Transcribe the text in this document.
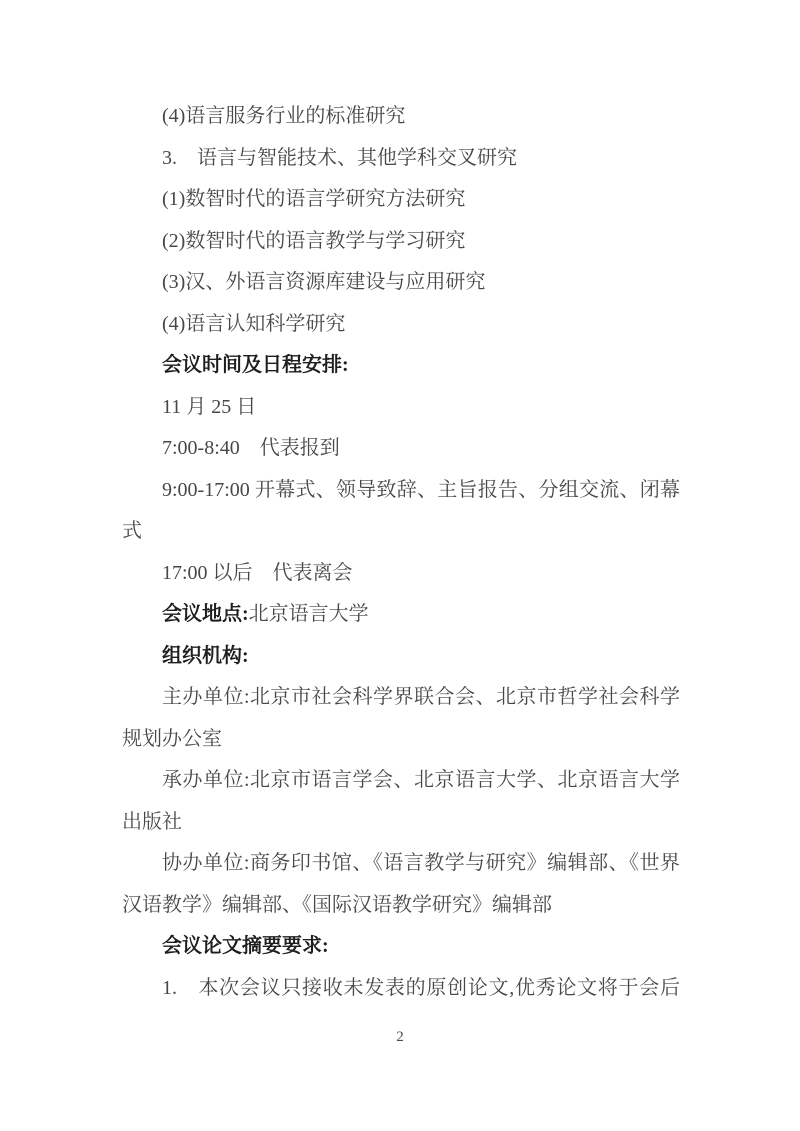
(4)语言服务行业的标准研究
3.　语言与智能技术、其他学科交叉研究
(1)数智时代的语言学研究方法研究
(2)数智时代的语言教学与学习研究
(3)汉、外语言资源库建设与应用研究
(4)语言认知科学研究
会议时间及日程安排:
11 月 25 日
7:00-8:40　代表报到
9:00-17:00 开幕式、领导致辞、主旨报告、分组交流、闭幕
式
17:00 以后　代表离会
会议地点:北京语言大学
组织机构:
主办单位:北京市社会科学界联合会、北京市哲学社会科学
规划办公室
承办单位:北京市语言学会、北京语言大学、北京语言大学
出版社
协办单位:商务印书馆、《语言教学与研究》编辑部、《世界
汉语教学》编辑部、《国际汉语教学研究》编辑部
会议论文摘要要求:
1.　本次会议只接收未发表的原创论文,优秀论文将于会后
2
